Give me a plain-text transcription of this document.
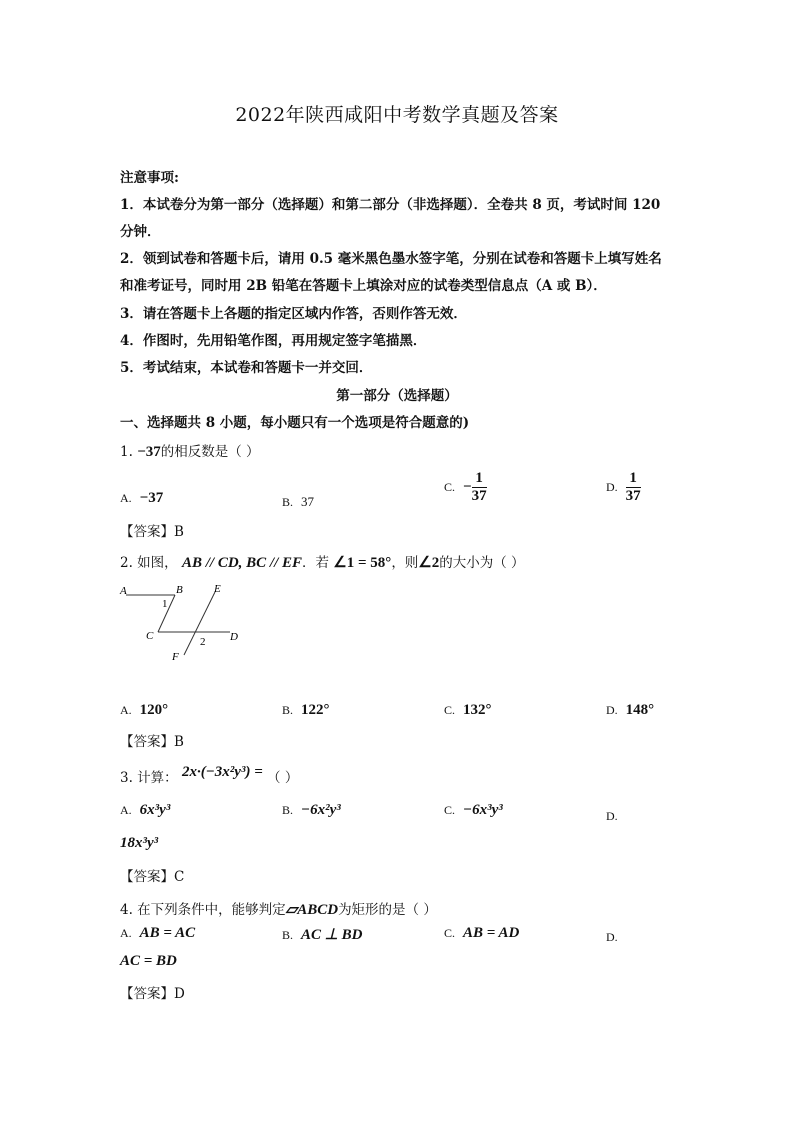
2022年陕西咸阳中考数学真题及答案
注意事项:
1．本试卷分为第一部分（选择题）和第二部分（非选择题）．全卷共 8 页，考试时间 120
分钟．
2．领到试卷和答题卡后，请用 0.5 毫米黑色墨水签字笔，分别在试卷和答题卡上填写姓名
和准考证号，同时用 2B 铅笔在答题卡上填涂对应的试卷类型信息点（A 或 B）．
3．请在答题卡上各题的指定区域内作答，否则作答无效．
4．作图时，先用铅笔作图，再用规定签字笔描黑．
5．考试结束，本试卷和答题卡一并交回．
第一部分（选择题）
一、选择题共 8 小题，每小题只有一个选项是符合题意的)
1. −37的相反数是（ ）
A. −37	B. 37
C. − $\frac{1}{37}$	D. $\frac{1}{37}$
【答案】B
2. 如图， AB // CD, BC // EF．若 ∠1 = 58°，则∠2的大小为（ ）
A	B	E
1
C	D
2
F
A. 120°	B. 122°	C. 132°	D. 148°
【答案】B
3. 计算： 2x·(−3x²y³) = （ ）
A. 6x³y³	B. −6x²y³	C. −6x³y³	D.
18x³y³
【答案】C
4. 在下列条件中，能够判定▱ABCD为矩形的是（ ）
A. AB = AC	B. AC ⊥ BD	C. AB = AD	D.
AC = BD
【答案】D
